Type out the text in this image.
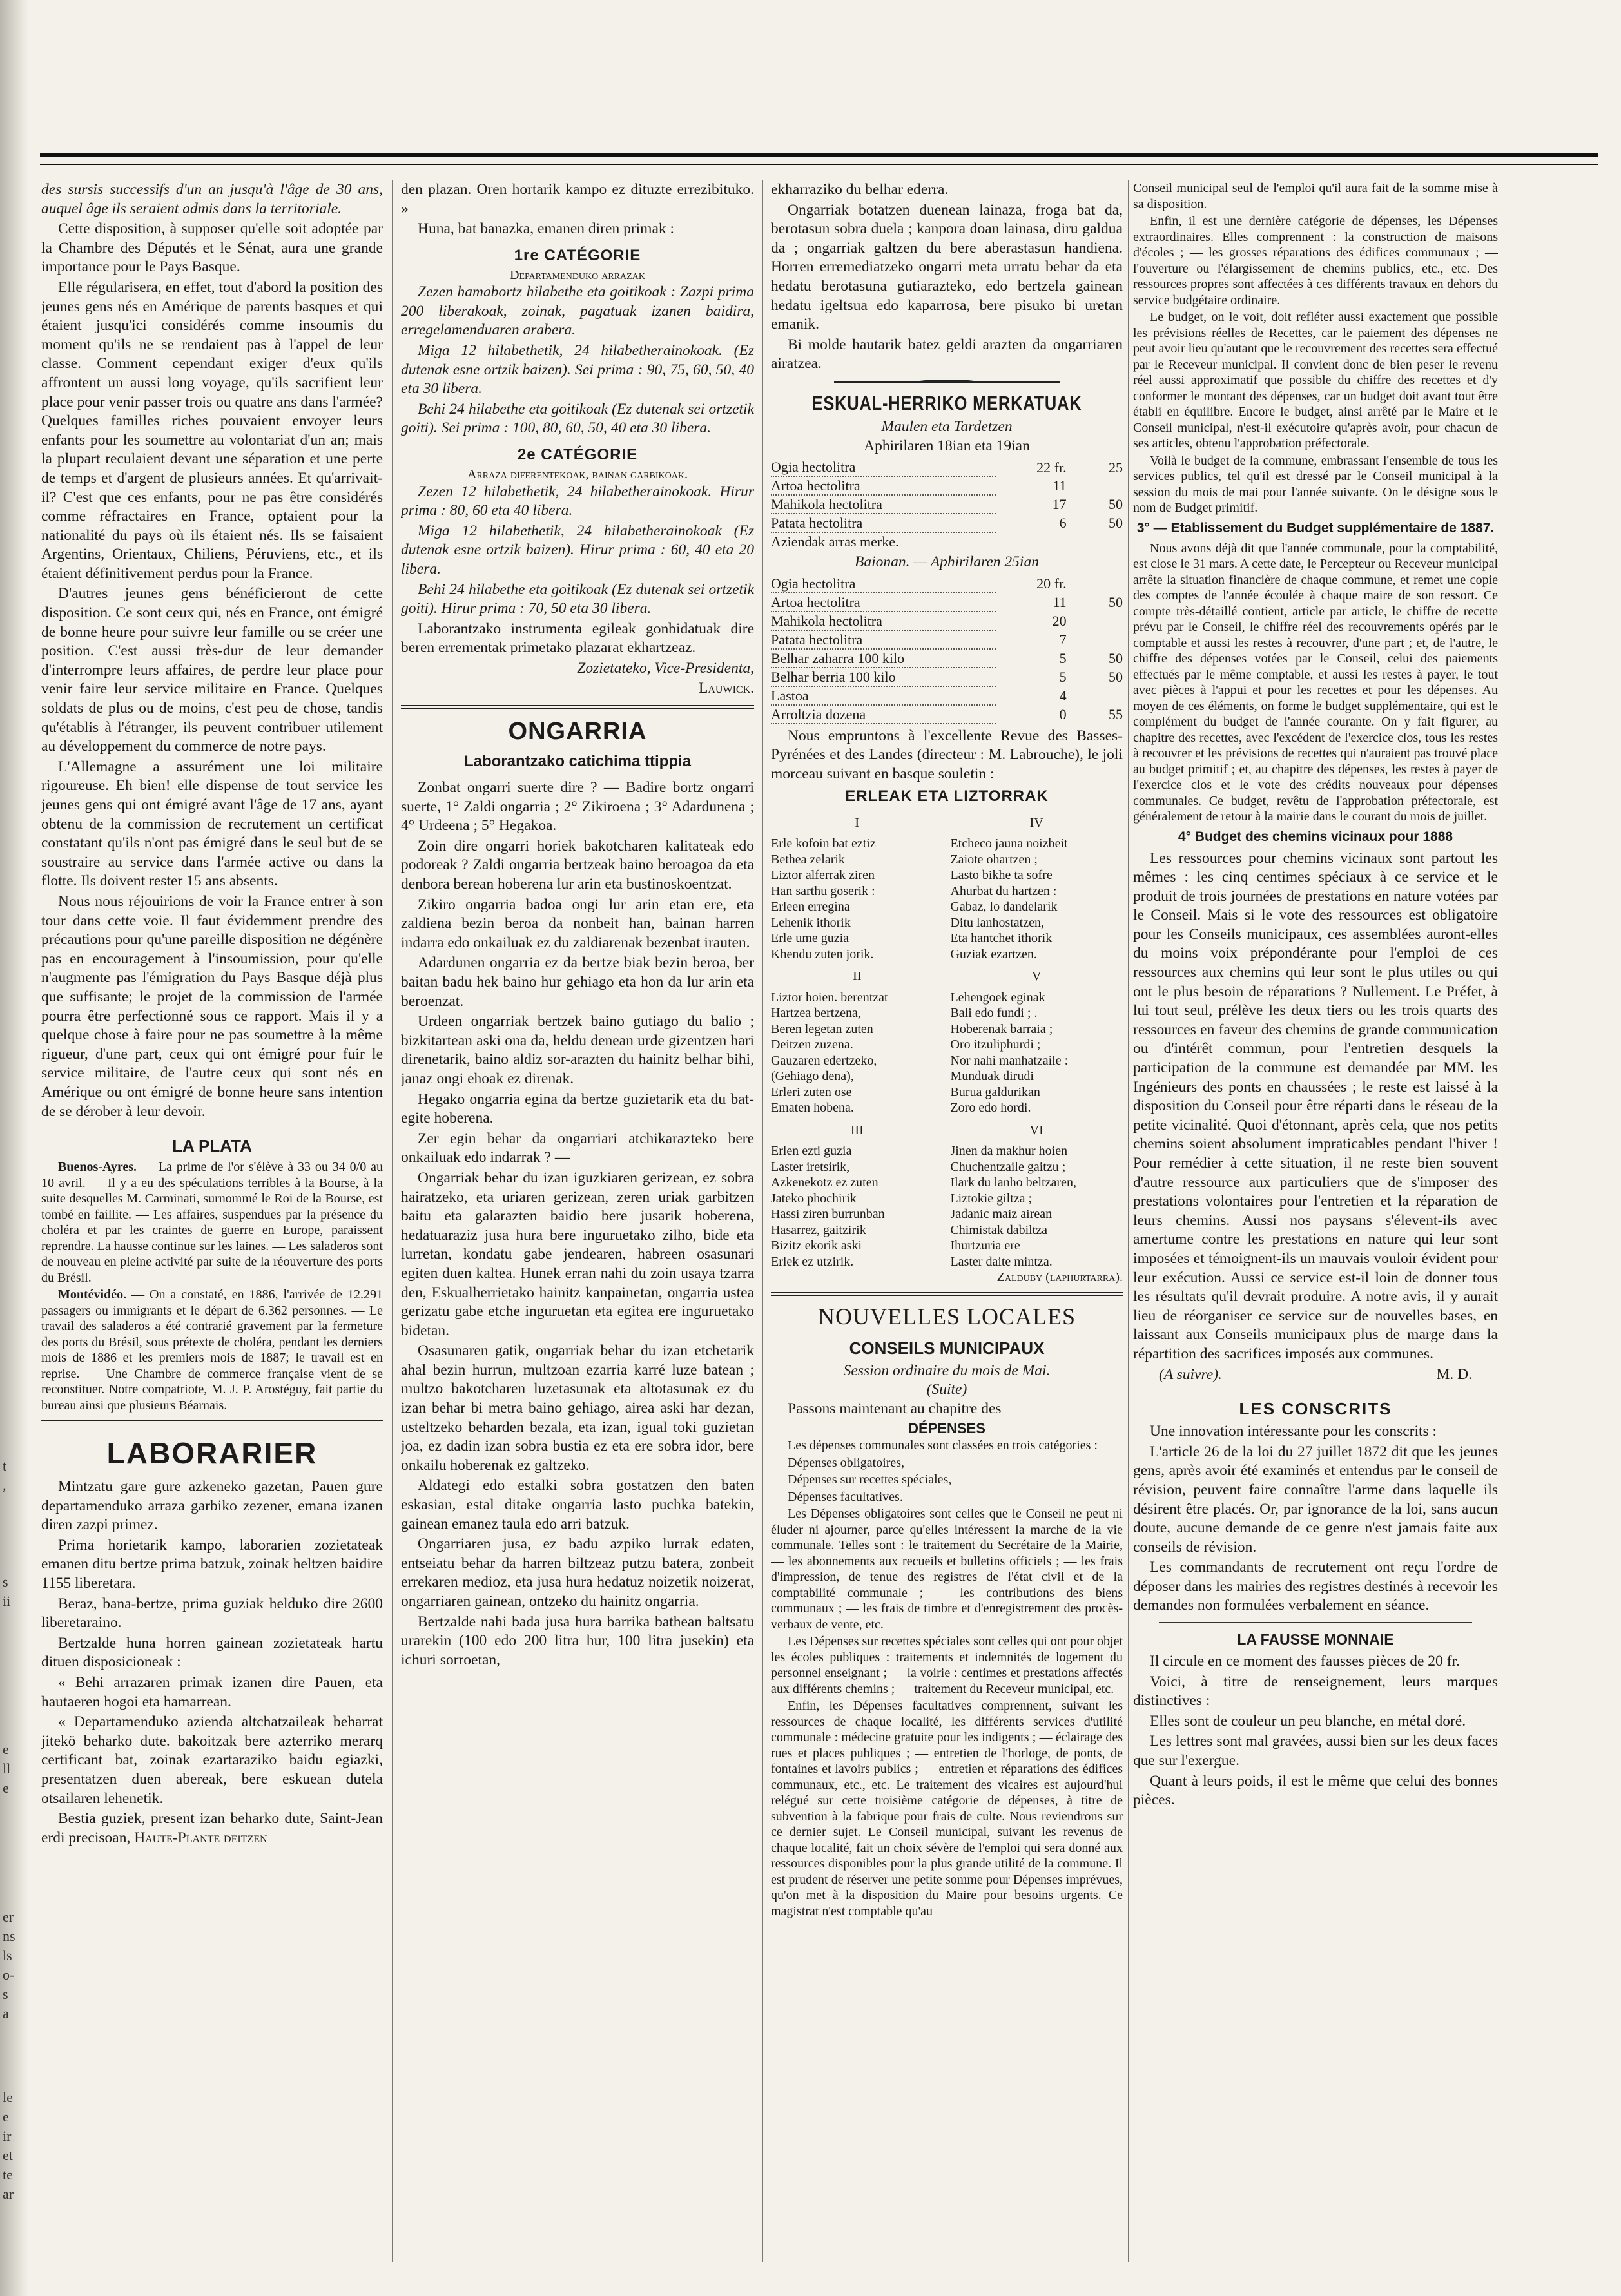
t
,
s
ii
e
ll
e
er
ns
ls
o-
s
a
le
e
ir
et
te
ar

des sursis successifs d'un an jusqu'à l'âge de 30 ans, auquel âge ils seraient admis dans la territoriale.

Cette disposition, à supposer qu'elle soit adoptée par la Chambre des Députés et le Sénat, aura une grande importance pour le Pays Basque.

Elle régularisera, en effet, tout d'abord la position des jeunes gens nés en Amérique de parents basques et qui étaient jusqu'ici considérés comme insoumis du moment qu'ils ne se rendaient pas à l'appel de leur classe. Comment cependant exiger d'eux qu'ils affrontent un aussi long voyage, qu'ils sacrifient leur place pour venir passer trois ou quatre ans dans l'armée? Quelques familles riches pouvaient envoyer leurs enfants pour les soumettre au volontariat d'un an; mais la plupart reculaient devant une séparation et une perte de temps et d'argent de plusieurs années. Et qu'arrivait-il? C'est que ces enfants, pour ne pas être considérés comme réfractaires en France, optaient pour la nationalité du pays où ils étaient nés. Ils se faisaient Argentins, Orientaux, Chiliens, Péruviens, etc., et ils étaient définitivement perdus pour la France.

D'autres jeunes gens bénéficieront de cette disposition. Ce sont ceux qui, nés en France, ont émigré de bonne heure pour suivre leur famille ou se créer une position. C'est aussi très-dur de leur demander d'interrompre leurs affaires, de perdre leur place pour venir faire leur service militaire en France. Quelques soldats de plus ou de moins, c'est peu de chose, tandis qu'établis à l'étranger, ils peuvent contribuer utilement au développement du commerce de notre pays.

L'Allemagne a assurément une loi militaire rigoureuse. Eh bien! elle dispense de tout service les jeunes gens qui ont émigré avant l'âge de 17 ans, ayant obtenu de la commission de recrutement un certificat constatant qu'ils n'ont pas émigré dans le seul but de se soustraire au service dans l'armée active ou dans la flotte. Ils doivent rester 15 ans absents.

Nous nous réjouirions de voir la France entrer à son tour dans cette voie. Il faut évidemment prendre des précautions pour qu'une pareille disposition ne dégénère pas en encouragement à l'insoumission, pour qu'elle n'augmente pas l'émigration du Pays Basque déjà plus que suffisante; le projet de la commission de l'armée pourra être perfectionné sous ce rapport. Mais il y a quelque chose à faire pour ne pas soumettre à la même rigueur, d'une part, ceux qui ont émigré pour fuir le service militaire, de l'autre ceux qui sont nés en Amérique ou ont émigré de bonne heure sans intention de se dérober à leur devoir.

LA PLATA

Buenos-Ayres. — La prime de l'or s'élève à 33 ou 34 0/0 au 10 avril. — Il y a eu des spéculations terribles à la Bourse, à la suite desquelles M. Carminati, surnommé le Roi de la Bourse, est tombé en faillite. — Les affaires, suspendues par la présence du choléra et par les craintes de guerre en Europe, paraissent reprendre. La hausse continue sur les laines. — Les saladeros sont de nouveau en pleine activité par suite de la réouverture des ports du Brésil.

Montévidéo. — On a constaté, en 1886, l'arrivée de 12.291 passagers ou immigrants et le départ de 6.362 personnes. — Le travail des saladeros a été contrarié gravement par la fermeture des ports du Brésil, sous prétexte de choléra, pendant les derniers mois de 1886 et les premiers mois de 1887; le travail est en reprise. — Une Chambre de commerce française vient de se reconstituer. Notre compatriote, M. J. P. Arostéguy, fait partie du bureau ainsi que plusieurs Béarnais.

LABORARIER

Mintzatu gare gure azkeneko gazetan, Pauen gure departamenduko arraza garbiko zezener, emana izanen diren zazpi primez.

Prima horietarik kampo, laborarien zozietateak emanen ditu bertze prima batzuk, zoinak heltzen baidire 1155 liberetara.

Beraz, bana-bertze, prima guziak helduko dire 2600 liberetaraino.

Bertzalde huna horren gainean zozietateak hartu dituen disposicioneak :

« Behi arrazaren primak izanen dire Pauen, eta hautaeren hogoi eta hamarrean.

« Departamenduko azienda altchatzaileak beharrat jitekö beharko dute. bakoitzak bere azterriko merarq certificant bat, zoinak ezartaraziko baidu egiazki, presentatzen duen abereak, bere eskuean dutela otsailaren lehenetik.

Bestia guziek, present izan beharko dute, Saint-Jean erdi precisoan, Haute-Plante deitzen

den plazan. Oren hortarik kampo ez dituzte errezibituko. »

Huna, bat banazka, emanen diren primak :

1re CATÉGORIE
Departamenduko arrazak

Zezen hamabortz hilabethe eta goitikoak : Zazpi prima 200 liberakoak, zoinak, pagatuak izanen baidira, erregelamenduaren arabera.

Miga 12 hilabethetik, 24 hilabetherainokoak. (Ez dutenak esne ortzik baizen). Sei prima : 90, 75, 60, 50, 40 eta 30 libera.

Behi 24 hilabethe eta goitikoak (Ez dutenak sei ortzetik goiti). Sei prima : 100, 80, 60, 50, 40 eta 30 libera.

2e CATÉGORIE
Arraza diferentekoak, bainan garbikoak.

Zezen 12 hilabethetik, 24 hilabetherainokoak. Hirur prima : 80, 60 eta 40 libera.

Miga 12 hilabethetik, 24 hilabetherainokoak (Ez dutenak esne ortzik baizen). Hirur prima : 60, 40 eta 20 libera.

Behi 24 hilabethe eta goitikoak (Ez dutenak sei ortzetik goiti). Hirur prima : 70, 50 eta 30 libera.

Laborantzako instrumenta egileak gonbidatuak dire beren errementak primetako plazarat ekhartzeaz.

Zozietateko, Vice-Presidenta,

Lauwick.

ONGARRIA
Laborantzako catichima ttippia

Zonbat ongarri suerte dire ? — Badire bortz ongarri suerte, 1° Zaldi ongarria ; 2° Zikiroena ; 3° Adardunena ; 4° Urdeena ; 5° Hegakoa.

Zoin dire ongarri horiek bakotcharen kalitateak edo podoreak ? Zaldi ongarria bertzeak baino beroagoa da eta denbora berean hoberena lur arin eta bustinoskoentzat.

Zikiro ongarria badoa ongi lur arin etan ere, eta zaldiena bezin beroa da nonbeit han, bainan harren indarra edo onkailuak ez du zaldiarenak bezenbat irauten.

Adardunen ongarria ez da bertze biak bezin beroa, ber baitan badu hek baino hur gehiago eta hon da lur arin eta beroenzat.

Urdeen ongarriak bertzek baino gutiago du balio ; bizkitartean aski ona da, heldu denean urde gizentzen hari direnetarik, baino aldiz sor-arazten du hainitz belhar bihi, janaz ongi ehoak ez direnak.

Hegako ongarria egina da bertze guzietarik eta du bat-egite hoberena.

Zer egin behar da ongarriari atchikarazteko bere onkailuak edo indarrak ? —

Ongarriak behar du izan iguzkiaren gerizean, ez sobra hairatzeko, eta uriaren gerizean, zeren uriak garbitzen baitu eta galarazten baidio bere jusarik hoberena, hedatuaraziz jusa hura bere inguruetako zilho, bide eta lurretan, kondatu gabe jendearen, habreen osasunari egiten duen kaltea. Hunek erran nahi du zoin usaya tzarra den, Eskualherrietako hainitz kanpainetan, ongarria ustea gerizatu gabe etche inguruetan eta egitea ere inguruetako bidetan.

Osasunaren gatik, ongarriak behar du izan etchetarik ahal bezin hurrun, multzoan ezarria karré luze batean ; multzo bakotcharen luzetasunak eta altotasunak ez du izan behar bi metra baino gehiago, airea aski har dezan, usteltzeko beharden bezala, eta izan, igual toki guzietan joa, ez dadin izan sobra bustia ez eta ere sobra idor, bere onkailu hoberenak ez galtzeko.

Aldategi edo estalki sobra gostatzen den baten eskasian, estal ditake ongarria lasto puchka batekin, gainean emanez taula edo arri batzuk.

Ongarriaren jusa, ez badu azpiko lurrak edaten, entseiatu behar da harren biltzeaz putzu batera, zonbeit errekaren medioz, eta jusa hura hedatuz noizetik noizerat, ongarriaren gainean, ontzeko du hainitz ongarria.

Bertzalde nahi bada jusa hura barrika bathean baltsatu urarekin (100 edo 200 litra hur, 100 litra jusekin) eta ichuri sorroetan,

ekharraziko du belhar ederra.

Ongarriak botatzen duenean lainaza, froga bat da, berotasun sobra duela ; kanpora doan lainasa, diru galdua da ; ongarriak galtzen du bere aberastasun handiena. Horren erremediatzeko ongarri meta urratu behar da eta hedatu berotasuna gutiarazteko, edo bertzela gainean hedatu igeltsua edo kaparrosa, bere pisuko bi uretan emanik.

Bi molde hautarik batez geldi arazten da ongarriaren airatzea.

ESKUAL-HERRIKO MERKATUAK
Maulen eta Tardetzen
Aphirilaren 18ian eta 19ian
Ogia hectolitra	22 fr.	25
Artoa hectolitra	11	
Mahikola hectolitra	17	50
Patata hectolitra	6	50
Aziendak arras merke.		
Baionan. — Aphirilaren 25ian
Ogia hectolitra	20 fr.	
Artoa hectolitra	11	50
Mahikola hectolitra	20	
Patata hectolitra	7	
Belhar zaharra 100 kilo	5	50
Belhar berria 100 kilo	5	50
Lastoa	4	
Arroltzia dozena	0	55

Nous empruntons à l'excellente Revue des Basses-Pyrénées et des Landes (directeur : M. Labrouche), le joli morceau suivant en basque souletin :

ERLEAK ETA LIZTORRAK
I
Erle kofoin bat eztiz
Bethea zelarik
Liztor alferrak ziren
Han sarthu goserik :
Erleen erregina
Lehenik ithorik
Erle ume guzia
Khendu zuten jorik.
II
Liztor hoien. berentzat
Hartzea bertzena,
Beren legetan zuten
Deitzen zuzena.
Gauzaren edertzeko,
(Gehiago dena),
Erleri zuten ose
Ematen hobena.
III
Erlen ezti guzia
Laster iretsirik,
Azkenekotz ez zuten
Jateko phochirik
Hassi ziren burrunban
Hasarrez, gaitzirik
Bizitz ekorik aski
Erlek ez utzirik.
IV
Etcheco jauna noizbeit
Zaiote ohartzen ;
Lasto bikhe ta sofre
Ahurbat du hartzen :
Gabaz, lo dandelarik
Ditu lanhostatzen,
Eta hantchet ithorik
Guziak ezartzen.
V
Lehengoek eginak
Bali edo fundi ; .
Hoberenak barraia ;
Oro itzuliphurdi ;
Nor nahi manhatzaile :
Munduak dirudi
Burua galdurikan
Zoro edo hordi.
VI
Jinen da makhur hoien
Chuchentzaile gaitzu ;
Ilark du lanho beltzaren,
Liztokie giltza ;
Jadanic maiz airean
Chimistak dabiltza
Ihurtzuria ere
Laster daite mintza.

Zalduby (laphurtarra).

NOUVELLES LOCALES
CONSEILS MUNICIPAUX
Session ordinaire du mois de Mai.
(Suite)

Passons maintenant au chapitre des

DÉPENSES

Les dépenses communales sont classées en trois catégories :

Dépenses obligatoires,

Dépenses sur recettes spéciales,

Dépenses facultatives.

Les Dépenses obligatoires sont celles que le Conseil ne peut ni éluder ni ajourner, parce qu'elles intéressent la marche de la vie communale. Telles sont : le traitement du Secrétaire de la Mairie, — les abonnements aux recueils et bulletins officiels ; — les frais d'impression, de tenue des registres de l'état civil et de la comptabilité communale ; — les contributions des biens communaux ; — les frais de timbre et d'enregistrement des procès-verbaux de vente, etc.

Les Dépenses sur recettes spéciales sont celles qui ont pour objet les écoles publiques : traitements et indemnités de logement du personnel enseignant ; — la voirie : centimes et prestations affectés aux différents chemins ; — traitement du Receveur municipal, etc.

Enfin, les Dépenses facultatives comprennent, suivant les ressources de chaque localité, les différents services d'utilité communale : médecine gratuite pour les indigents ; — éclairage des rues et places publiques ; — entretien de l'horloge, de ponts, de fontaines et lavoirs publics ; — entretien et réparations des édifices communaux, etc., etc. Le traitement des vicaires est aujourd'hui relégué sur cette troisième catégorie de dépenses, à titre de subvention à la fabrique pour frais de culte. Nous reviendrons sur ce dernier sujet. Le Conseil municipal, suivant les revenus de chaque localité, fait un choix sévère de l'emploi qui sera donné aux ressources disponibles pour la plus grande utilité de la commune. Il est prudent de réserver une petite somme pour Dépenses imprévues, qu'on met à la disposition du Maire pour besoins urgents. Ce magistrat n'est comptable qu'au

Conseil municipal seul de l'emploi qu'il aura fait de la somme mise à sa disposition.

Enfin, il est une dernière catégorie de dépenses, les Dépenses extraordinaires. Elles comprennent : la construction de maisons d'écoles ; — les grosses réparations des édifices communaux ; — l'ouverture ou l'élargissement de chemins publics, etc., etc. Des ressources propres sont affectées à ces différents travaux en dehors du service budgétaire ordinaire.

Le budget, on le voit, doit refléter aussi exactement que possible les prévisions réelles de Recettes, car le paiement des dépenses ne peut avoir lieu qu'autant que le recouvrement des recettes sera effectué par le Receveur municipal. Il convient donc de bien peser le revenu réel aussi approximatif que possible du chiffre des recettes et d'y conformer le montant des dépenses, car un budget doit avant tout être établi en équilibre. Encore le budget, ainsi arrêté par le Maire et le Conseil municipal, n'est-il exécutoire qu'après avoir, pour chacun de ses articles, obtenu l'approbation préfectorale.

Voilà le budget de la commune, embrassant l'ensemble de tous les services publics, tel qu'il est dressé par le Conseil municipal à la session du mois de mai pour l'année suivante. On le désigne sous le nom de Budget primitif.

3° — Etablissement du Budget supplémentaire de 1887.

Nous avons déjà dit que l'année communale, pour la comptabilité, est close le 31 mars. A cette date, le Percepteur ou Receveur municipal arrête la situation financière de chaque commune, et remet une copie des comptes de l'année écoulée à chaque maire de son ressort. Ce compte très-détaillé contient, article par article, le chiffre de recette prévu par le Conseil, le chiffre réel des recouvrements opérés par le comptable et aussi les restes à recouvrer, d'une part ; et, de l'autre, le chiffre des dépenses votées par le Conseil, celui des paiements effectués par le même comptable, et aussi les restes à payer, le tout avec pièces à l'appui et pour les recettes et pour les dépenses. Au moyen de ces éléments, on forme le budget supplémentaire, qui est le complément du budget de l'année courante. On y fait figurer, au chapitre des recettes, avec l'excédent de l'exercice clos, tous les restes à recouvrer et les prévisions de recettes qui n'auraient pas trouvé place au budget primitif ; et, au chapitre des dépenses, les restes à payer de l'exercice clos et le vote des crédits nouveaux pour dépenses communales. Ce budget, revêtu de l'approbation préfectorale, est généralement de retour à la mairie dans le courant du mois de juillet.

4° Budget des chemins vicinaux pour 1888

Les ressources pour chemins vicinaux sont partout les mêmes : les cinq centimes spéciaux à ce service et le produit de trois journées de prestations en nature votées par le Conseil. Mais si le vote des ressources est obligatoire pour les Conseils municipaux, ces assemblées auront-elles du moins voix prépondérante pour l'emploi de ces ressources aux chemins qui leur sont le plus utiles ou qui ont le plus besoin de réparations ? Nullement. Le Préfet, à lui tout seul, prélève les deux tiers ou les trois quarts des ressources en faveur des chemins de grande communication ou d'intérêt commun, pour l'entretien desquels la participation de la commune est demandée par MM. les Ingénieurs des ponts en chaussées ; le reste est laissé à la disposition du Conseil pour être réparti dans le réseau de la petite vicinalité. Quoi d'étonnant, après cela, que nos petits chemins soient absolument impraticables pendant l'hiver ! Pour remédier à cette situation, il ne reste bien souvent d'autre ressource aux particuliers que de s'imposer des prestations volontaires pour l'entretien et la réparation de leurs chemins. Aussi nos paysans s'élevent-ils avec amertume contre les prestations en nature qui leur sont imposées et témoignent-ils un mauvais vouloir évident pour leur exécution. Aussi ce service est-il loin de donner tous les résultats qu'il devrait produire. A notre avis, il y aurait lieu de réorganiser ce service sur de nouvelles bases, en laissant aux Conseils municipaux plus de marge dans la répartition des sacrifices imposés aux communes.

(A suivre).	M. D.
LES CONSCRITS

Une innovation intéressante pour les conscrits :

L'article 26 de la loi du 27 juillet 1872 dit que les jeunes gens, après avoir été examinés et entendus par le conseil de révision, peuvent faire connaître l'arme dans laquelle ils désirent être placés. Or, par ignorance de la loi, sans aucun doute, aucune demande de ce genre n'est jamais faite aux conseils de révision.

Les commandants de recrutement ont reçu l'ordre de déposer dans les mairies des registres destinés à recevoir les demandes non formulées verbalement en séance.

LA FAUSSE MONNAIE

Il circule en ce moment des fausses pièces de 20 fr.

Voici, à titre de renseignement, leurs marques distinctives :

Elles sont de couleur un peu blanche, en métal doré.

Les lettres sont mal gravées, aussi bien sur les deux faces que sur l'exergue.

Quant à leurs poids, il est le même que celui des bonnes pièces.
